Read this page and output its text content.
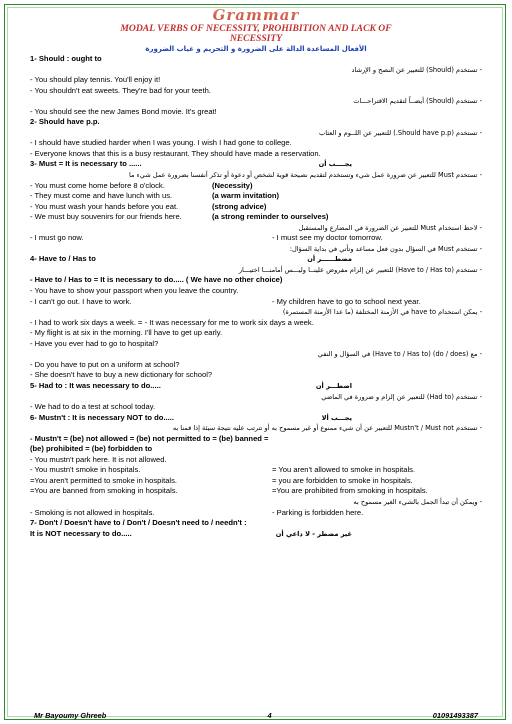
Grammar
MODAL VERBS OF NECESSITY, PROHIBITION AND LACK OF
NECESSITY
الأفعال المساعدة الدالة على الضرورة و التحريم و غياب الضرورة
1- Should : ought to
- تستخدم (Should) للتعبير عن النصح و الإرشاد
- You should play tennis. You'll enjoy it!
- You shouldn't eat sweets. They're bad for your teeth.
- تستخدم (Should) أيضــاً لتقديم الاقتراحـــات
- You should see the new James Bond movie. It's great!
2- Should have p.p.
- تستخدم (Should have p.p.) للتعبير عن اللــوم و العتاب
- I should have studied harder when I was young. I wish I had gone to college.
- Everyone knows that this is a busy restaurant. They should have made a reservation.
3- Must = It is necessary to ......	يجــــب أن
- تستخدم Must للتعبير عن ضرورة عمل شيء وتستخدم لتقديم نصيحة قوية لشخص أو دعوة أو تذكر أنفسنا بضرورة عمل شيء ما
- You must come home before 8 o'clock.	(Necessity)
- They must come and have lunch with us.	(a warm invitation)
- You must wash your hands before you eat.	(strong advice)
- We must buy souvenirs for our friends here.	(a strong reminder to ourselves)
- لاحظ استخدام Must للتعبير عن الضرورة في المضارع والمستقبل
- I must go now.	- I must see my doctor tomorrow.
- تستخدم Must في السؤال بدون فعل مساعد وتأتي في بداية السؤال:
4- Have to / Has to	مضطــــــر أن
- تستخدم (Have to / Has to) للتعبير عن إلزام مفروض علينــا وليـــس أمامنـــا اختيـــار
- Have to / Has to = It is necessary to do..... ( We have no other choice)
- You have to show your passport when you leave the country.
- I can't go out. I have to work.	- My children have to go to school next year.
- يمكن استخدام have to في الأزمنة المختلفة (ما عدا الأزمنة المستمرة)
- I had to work six days a week. = - It was necessary for me to work six days a week.
- My flight is at six in the morning. I'll have to get up early.
- Have you ever had to go to hospital?
- مع (do / does) (Have to / Has to) في السؤال و النفي
- Do you have to put on a uniform at school?
- She doesn't have to buy a new dictionary for school?
5- Had to : It was necessary to do.....	اضطـــر أن
- تستخدم (Had to) للتعبير عن إلزام و ضرورة في الماضي
- We had to do a test at school today.
6- Mustn't : It is necessary NOT to do.....	يجـــب ألا
- تستخدم Mustn't / Must not للتعبير عن أن شيء ممنوع أو غير مسموح به أو تترتب عليه نتيجة سيئة إذا قمنا به
- Mustn't = (be) not allowed = (be) not permitted to = (be) banned =
(be) prohibited = (be) forbidden to
- You mustn't park here. It is not allowed.
- You mustn't smoke in hospitals.	= You aren't allowed to smoke in hospitals.
=You aren't permitted to smoke in hospitals.	= you are forbidden to smoke in hospitals.
=You are banned from smoking in hospitals.	=You are prohibited from smoking in hospitals.
- ويمكن أن تبدأ الجمل بالشيء الغير مسموح به
- Smoking is not allowed in hospitals.	- Parking is forbidden here.
7- Don't / Doesn't have to / Don't / Doesn't need to / needn't :
It is NOT necessary to do.....	غير مضطر - لا داعي أن
Mr Bayoumy Ghreeb	4	01091493387
